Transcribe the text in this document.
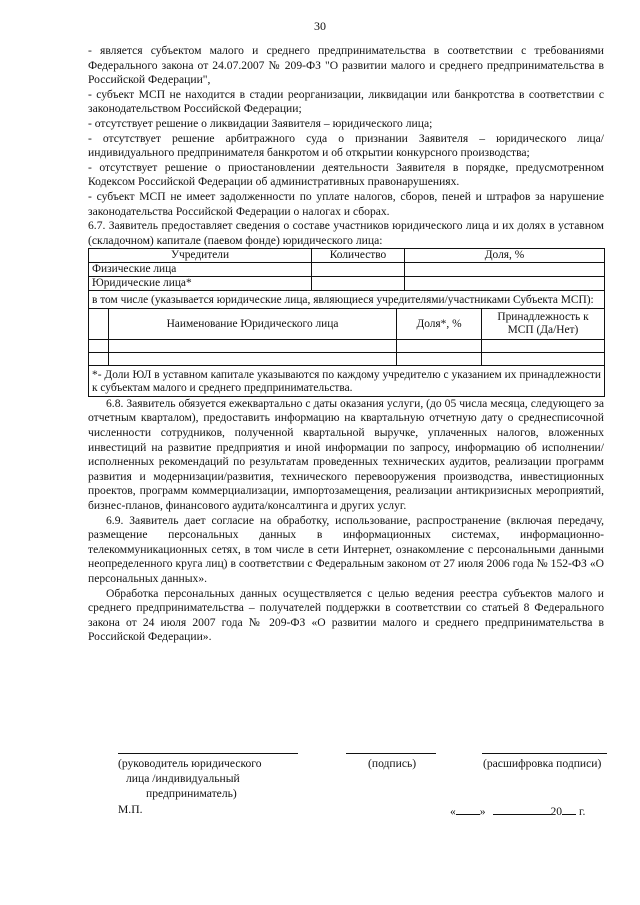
30

- является субъектом малого и среднего предпринимательства в соответствии с требованиями Федерального закона от 24.07.2007 № 209-ФЗ "О развитии малого и среднего предпринимательства в Российской Федерации",

- субъект МСП не находится в стадии реорганизации, ликвидации или банкротства в соответствии с законодательством Российской Федерации;

- отсутствует решение о ликвидации Заявителя – юридического лица;

- отсутствует решение арбитражного суда о признании Заявителя – юридического лица/индивидуального предпринимателя банкротом и об открытии конкурсного производства;

- отсутствует решение о приостановлении деятельности Заявителя в порядке, предусмотренном Кодексом Российской Федерации об административных правонарушениях.

- субъект МСП не имеет задолженности по уплате налогов, сборов, пеней и штрафов за нарушение законодательства Российской Федерации о налогах и сборах.

6.7. Заявитель предоставляет сведения о составе участников юридического лица и их долях в уставном (складочном) капитале (паевом фонде) юридического лица:

Учредители	Количество	Доля, %
Физические лица		
Юридические лица*		
в том числе (указывается юридические лица, являющиеся учредителями/участниками Субъекта МСП):		
	Наименование Юридического лица	Доля*, %	Принадлежность к МСП (Да/Нет)

*- Доли ЮЛ в уставном капитале указываются по каждому учредителю с указанием их принадлежности к субъектам малого и среднего предпринимательства.			

6.8. Заявитель обязуется ежеквартально с даты оказания услуги, (до 05 числа месяца, следующего за отчетным кварталом), предоставить информацию на квартальную отчетную дату о среднесписочной численности сотрудников, полученной квартальной выручке, уплаченных налогов, вложенных инвестиций на развитие предприятия и иной информации по запросу, информацию об исполнении/исполненных рекомендаций по результатам проведенных технических аудитов, реализации программ развития и модернизации/развития, технического перевооружения производства, инвестиционных проектов, программ коммерциализации, импортозамещения, реализации антикризисных мероприятий, бизнес-планов, финансового аудита/консалтинга и других услуг.

6.9. Заявитель дает согласие на обработку, использование, распространение (включая передачу, размещение персональных данных в информационных системах, информационно-телекоммуникационных сетях, в том числе в сети Интернет, ознакомление с персональными данными неопределенного круга лиц) в соответствии с Федеральным законом от 27 июля 2006 года № 152-ФЗ «О персональных данных».

Обработка персональных данных осуществляется с целью ведения реестра субъектов малого и среднего предпринимательства – получателей поддержки в соответствии со статьей 8 Федерального закона от 24 июля 2007 года № 209-ФЗ «О развитии малого и среднего предпринимательства в Российской Федерации».

(руководитель юридического
лица /индивидуальный
предприниматель)
(подпись)	(расшифровка подписи)
М.П.	« »	20 г.
